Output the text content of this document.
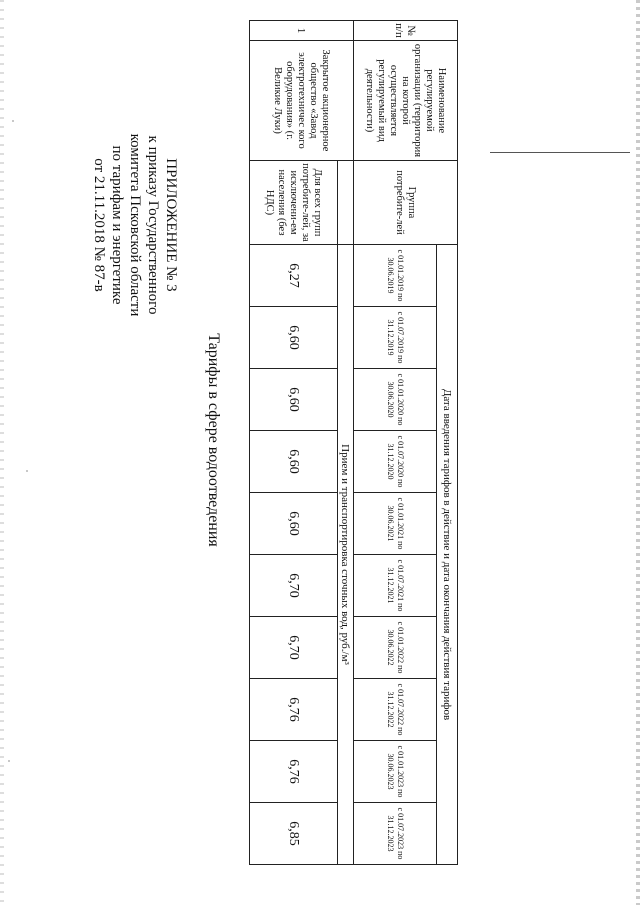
ПРИЛОЖЕНИЕ № 3
к приказу Государственного
комитета Псковской области
по тарифам и энергетике
от 21.11.2018 № 87-в
Тарифы в сфере водоотведения
№ п/п	Наименование регулируемой организации (территория на которой осуществляется регулируемый вид деятельности)	Группа потребите-лей	Дата введения тарифов в действие и дата окончания действия тарифов									
			с 01.01.2019 по 30.06.2019	с 01.07.2019 по 31.12.2019	с 01.01.2020 по 30.06.2020	с 01.07.2020 по 31.12.2020	с 01.01.2021 по 30.06.2021	с 01.07.2021 по 31.12.2021	с 01.01.2022 по 30.06.2022	с 01.07.2022 по 31.12.2022	с 01.01.2023 по 30.06.2023	с 01.07.2023 по 31.12.2023
1	Закрытое акционерное общество «Завод электротехничес кого оборудования» (г. Великие Луки)		Прием и транспортировка сточных вод, руб./м³									
		Для всех групп потребите-лей, за исключени-ем населения (без НДС)	6,27	6,60	6,60	6,60	6,60	6,70	6,70	6,76	6,76	6,85
